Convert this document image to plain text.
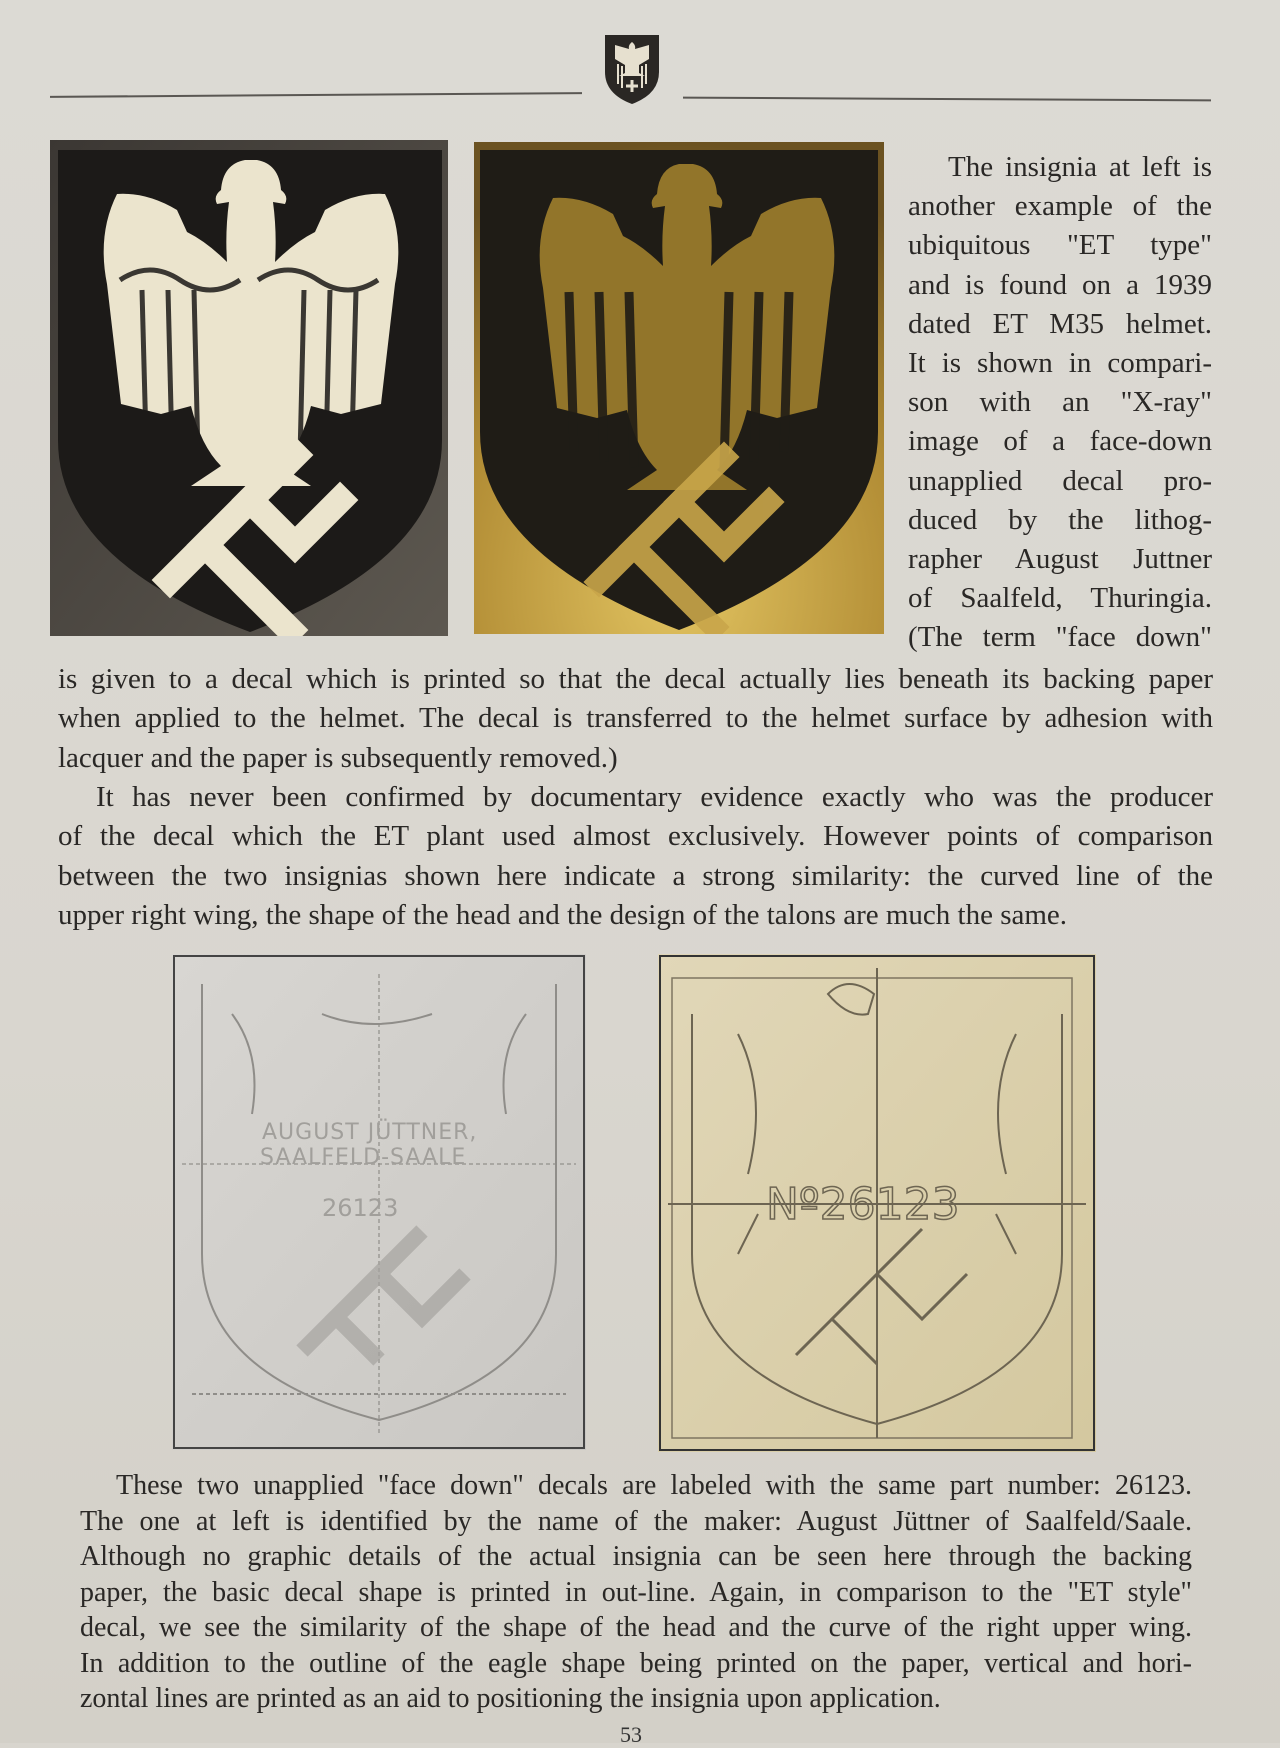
The insignia at left is
another example of the
ubiquitous "ET type"
and is found on a 1939
dated ET M35 helmet.
It is shown in compari-
son with an "X-ray"
image of a face-down
unapplied decal pro-
duced by the lithog-
rapher August Juttner
of Saalfeld, Thuringia.
(The term "face down"

is given to a decal which is printed so that the decal actually lies beneath its backing paper
when applied to the helmet. The decal is transferred to the helmet surface by adhesion with
lacquer and the paper is subsequently removed.)

It has never been confirmed by documentary evidence exactly who was the producer
of the decal which the ET plant used almost exclusively. However points of comparison
between the two insignias shown here indicate a strong similarity: the curved line of the
upper right wing, the shape of the head and the design of the talons are much the same.

AUGUST JÜTTNER,
SAALFELD-SAALE
26123	Nº26123

These two unapplied "face down" decals are labeled with the same part number: 26123.
The one at left is identified by the name of the maker: August Jüttner of Saalfeld/Saale.
Although no graphic details of the actual insignia can be seen here through the backing
paper, the basic decal shape is printed in out-line. Again, in comparison to the "ET style"
decal, we see the similarity of the shape of the head and the curve of the right upper wing.
In addition to the outline of the eagle shape being printed on the paper, vertical and hori-
zontal lines are printed as an aid to positioning the insignia upon application.

53
